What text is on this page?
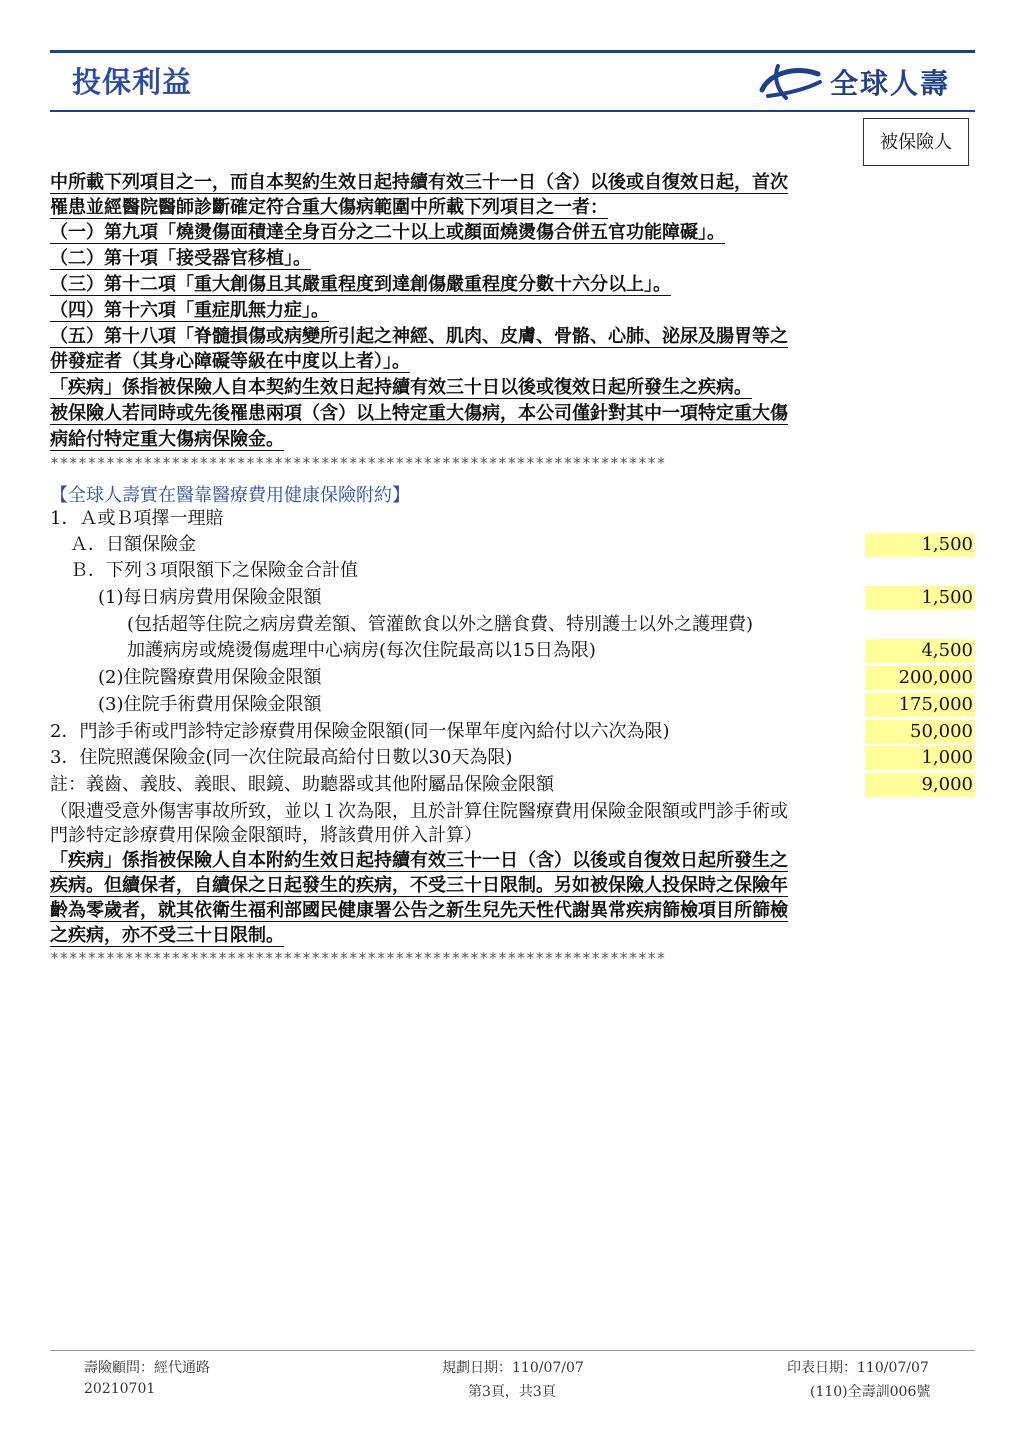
投保利益	全球人壽
被保險人
中所載下列項目之一，而自本契約生效日起持續有效三十一日（含）以後或自復效日起，首次
罹患並經醫院醫師診斷確定符合重大傷病範圍中所載下列項目之一者：
（一）第九項「燒燙傷面積達全身百分之二十以上或顏面燒燙傷合併五官功能障礙」。
（二）第十項「接受器官移植」。
（三）第十二項「重大創傷且其嚴重程度到達創傷嚴重程度分數十六分以上」。
（四）第十六項「重症肌無力症」。
（五）第十八項「脊髓損傷或病變所引起之神經、肌肉、皮膚、骨骼、心肺、泌尿及腸胃等之
併發症者（其身心障礙等級在中度以上者）」。
「疾病」係指被保險人自本契約生效日起持續有效三十日以後或復效日起所發生之疾病。
被保險人若同時或先後罹患兩項（含）以上特定重大傷病，本公司僅針對其中一項特定重大傷
病給付特定重大傷病保險金。
******************************************************************
【全球人壽實在醫靠醫療費用健康保險附約】
1．Ａ或Ｂ項擇一理賠
Ａ．日額保險金	1,500
Ｂ．下列３項限額下之保險金合計值
(1)每日病房費用保險金限額	1,500
(包括超等住院之病房費差額、管灌飲食以外之膳食費、特別護士以外之護理費)
加護病房或燒燙傷處理中心病房(每次住院最高以15日為限)	4,500
(2)住院醫療費用保險金限額	200,000
(3)住院手術費用保險金限額	175,000
2．門診手術或門診特定診療費用保險金限額(同一保單年度內給付以六次為限)	50,000
3．住院照護保險金(同一次住院最高給付日數以30天為限)	1,000
註：義齒、義肢、義眼、眼鏡、助聽器或其他附屬品保險金限額	9,000
（限遭受意外傷害事故所致，並以１次為限，且於計算住院醫療費用保險金限額或門診手術或
門診特定診療費用保險金限額時，將該費用併入計算）
「疾病」係指被保險人自本附約生效日起持續有效三十一日（含）以後或自復效日起所發生之
疾病。但續保者，自續保之日起發生的疾病，不受三十日限制。另如被保險人投保時之保險年
齡為零歲者，就其依衛生福利部國民健康署公告之新生兒先天性代謝異常疾病篩檢項目所篩檢
之疾病，亦不受三十日限制。
******************************************************************
壽險顧問：經代通路
20210701
規劃日期：110/07/07
第3頁，共3頁
印表日期：110/07/07
(110)全壽訓006號
